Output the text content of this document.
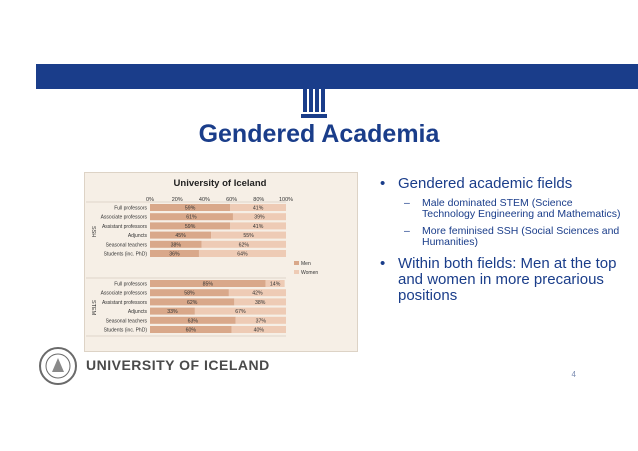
Gendered Academia
University of Iceland
0%	20%	40%	60%	80%	100%
SSH
Full professors	59%	41%
Associate professors	61%	39%
Assistant professors	59%	41%
Adjuncts	45%	55%
Seasonal teachers	38%	62%
Students (inc. PhD)	36%	64%
STEM
Full professors	85%	14%
Associate professors	58%	42%
Assistant professors	62%	38%
Adjuncts	33%	67%
Seasonal teachers	63%	37%
Students (inc. PhD)	60%	40%
Men
Women
• Gendered academic fields
– Male dominated STEM (Science Technology Engineering and Mathematics)
– More feminised SSH (Social Sciences and Humanities)
• Within both fields: Men at the top and women in more precarious positions
4
UNIVERSITY OF ICELAND
